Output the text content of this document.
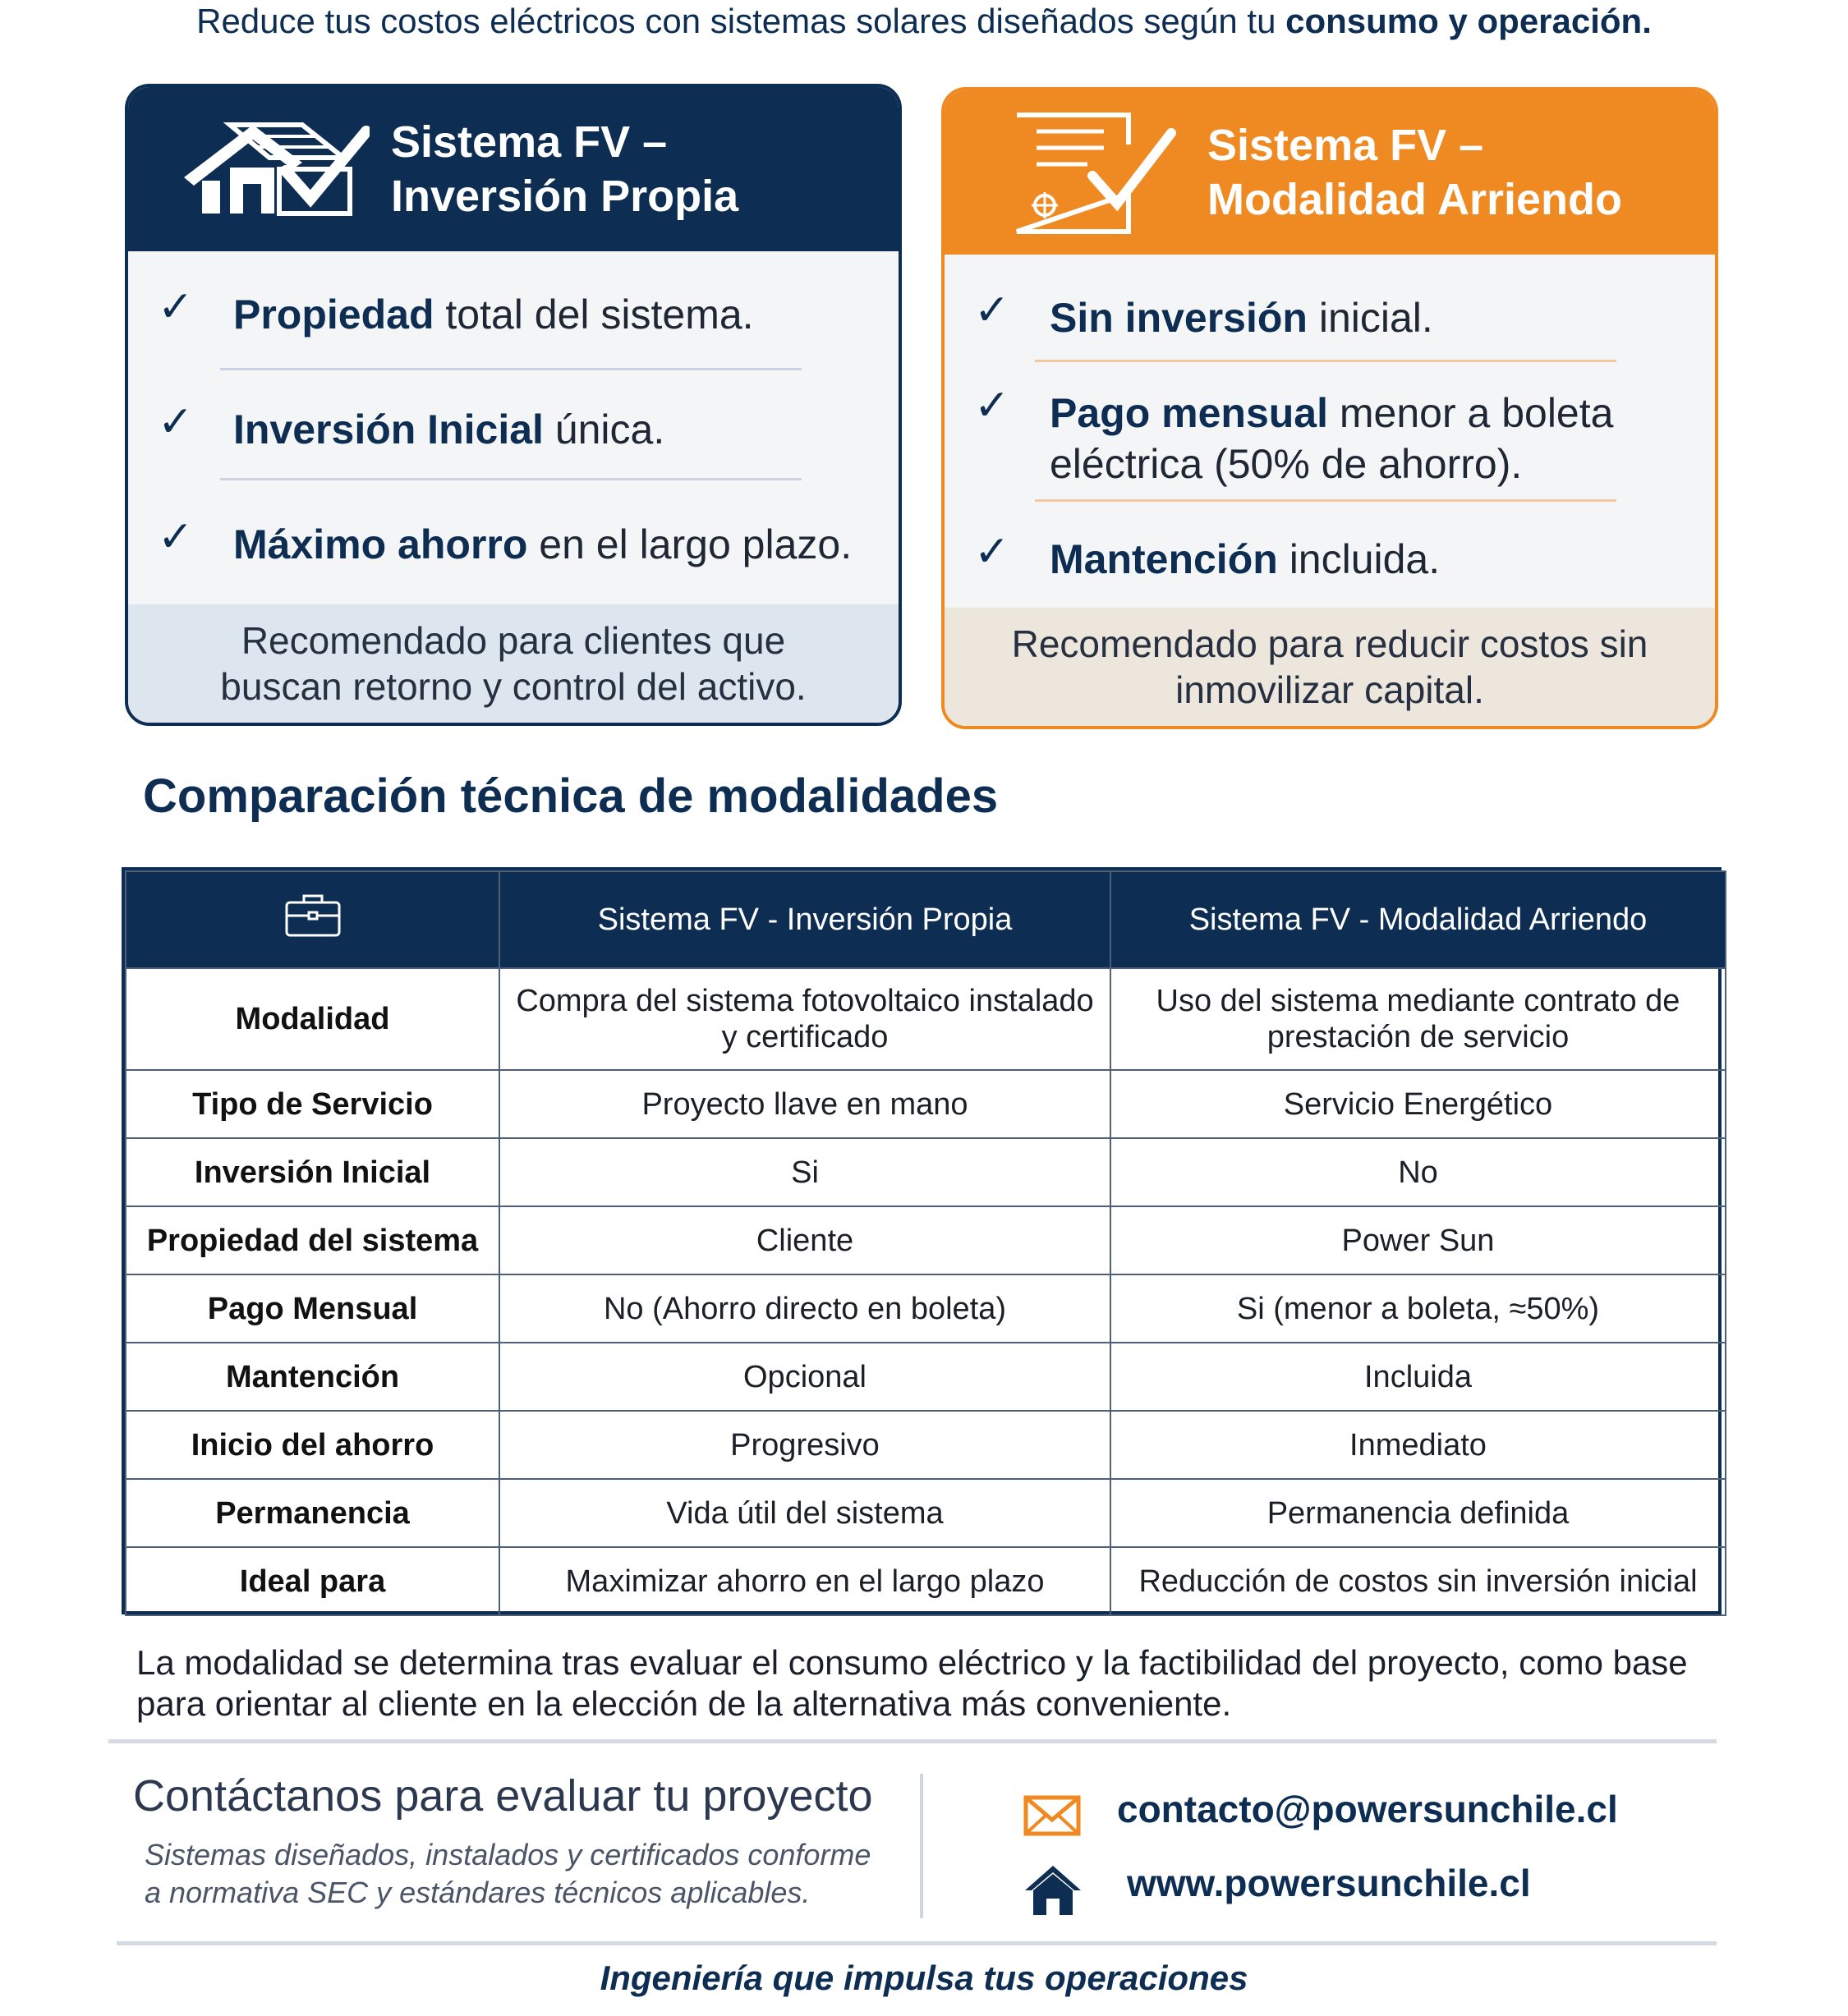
Reduce tus costos eléctricos con sistemas solares diseñados según tu consumo y operación.
Sistema FV –
Inversión Propia
✓ Propiedad total del sistema.
✓ Inversión Inicial única.
✓ Máximo ahorro en el largo plazo.
Recomendado para clientes que buscan retorno y control del activo.
Sistema FV –
Modalidad Arriendo
✓ Sin inversión inicial.
✓ Pago mensual menor a boleta eléctrica (50% de ahorro).
✓ Mantención incluida.
Recomendado para reducir costos sin inmovilizar capital.
Comparación técnica de modalidades
	Sistema FV - Inversión Propia	Sistema FV - Modalidad Arriendo
Modalidad	Compra del sistema fotovoltaico instalado y certificado	Uso del sistema mediante contrato de prestación de servicio
Tipo de Servicio	Proyecto llave en mano	Servicio Energético
Inversión Inicial	Si	No
Propiedad del sistema	Cliente	Power Sun
Pago Mensual	No (Ahorro directo en boleta)	Si (menor a boleta, ≈50%)
Mantención	Opcional	Incluida
Inicio del ahorro	Progresivo	Inmediato
Permanencia	Vida útil del sistema	Permanencia definida
Ideal para	Maximizar ahorro en el largo plazo	Reducción de costos sin inversión inicial
La modalidad se determina tras evaluar el consumo eléctrico y la factibilidad del proyecto, como base para orientar al cliente en la elección de la alternativa más conveniente.
Contáctanos para evaluar tu proyecto
Sistemas diseñados, instalados y certificados conforme
a normativa SEC y estándares técnicos aplicables.
contacto@powersunchile.cl
www.powersunchile.cl
Ingeniería que impulsa tus operaciones
